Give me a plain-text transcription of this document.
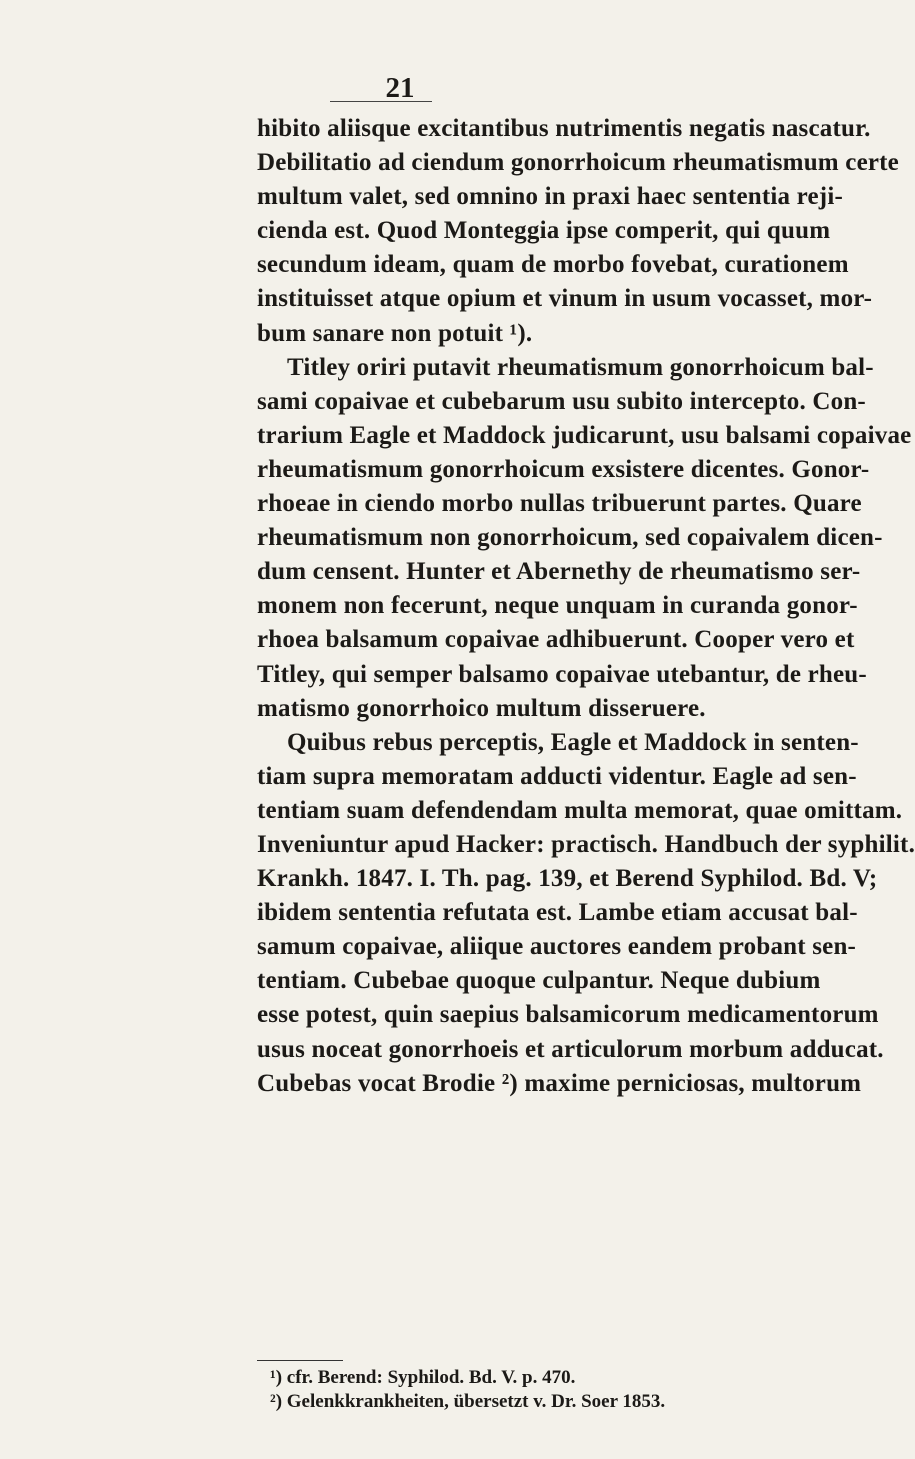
21
hibito aliisque excitantibus nutrimentis negatis nascatur.
Debilitatio ad ciendum gonorrhoicum rheumatismum certe
multum valet, sed omnino in praxi haec sententia reji-
cienda est. Quod Monteggia ipse comperit, qui quum
secundum ideam, quam de morbo fovebat, curationem
instituisset atque opium et vinum in usum vocasset, mor-
bum sanare non potuit ¹).
Titley oriri putavit rheumatismum gonorrhoicum bal-
sami copaivae et cubebarum usu subito intercepto. Con-
trarium Eagle et Maddock judicarunt, usu balsami copaivae
rheumatismum gonorrhoicum exsistere dicentes. Gonor-
rhoeae in ciendo morbo nullas tribuerunt partes. Quare
rheumatismum non gonorrhoicum, sed copaivalem dicen-
dum censent. Hunter et Abernethy de rheumatismo ser-
monem non fecerunt, neque unquam in curanda gonor-
rhoea balsamum copaivae adhibuerunt. Cooper vero et
Titley, qui semper balsamo copaivae utebantur, de rheu-
matismo gonorrhoico multum disseruere.
Quibus rebus perceptis, Eagle et Maddock in senten-
tiam supra memoratam adducti videntur. Eagle ad sen-
tentiam suam defendendam multa memorat, quae omittam.
Inveniuntur apud Hacker: practisch. Handbuch der syphilit.
Krankh. 1847. I. Th. pag. 139, et Berend Syphilod. Bd. V;
ibidem sententia refutata est. Lambe etiam accusat bal-
samum copaivae, aliique auctores eandem probant sen-
tentiam. Cubebae quoque culpantur. Neque dubium
esse potest, quin saepius balsamicorum medicamentorum
usus noceat gonorrhoeis et articulorum morbum adducat.
Cubebas vocat Brodie ²) maxime perniciosas, multorum
¹) cfr. Berend: Syphilod. Bd. V. p. 470.
²) Gelenkkrankheiten, übersetzt v. Dr. Soer 1853.
